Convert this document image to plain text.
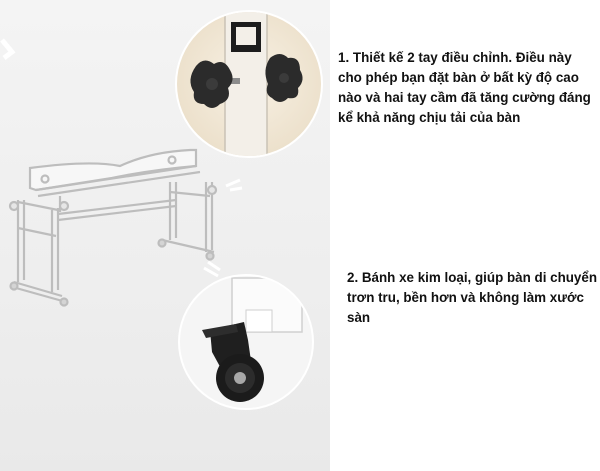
1. Thiết kế 2 tay điều chỉnh. Điều này cho phép bạn đặt bàn ở bất kỳ độ cao nào và hai tay cầm đã tăng cường đáng kể khả năng chịu tải của bàn

2. Bánh xe kim loại, giúp bàn di chuyển trơn tru, bền hơn và không làm xước sàn
